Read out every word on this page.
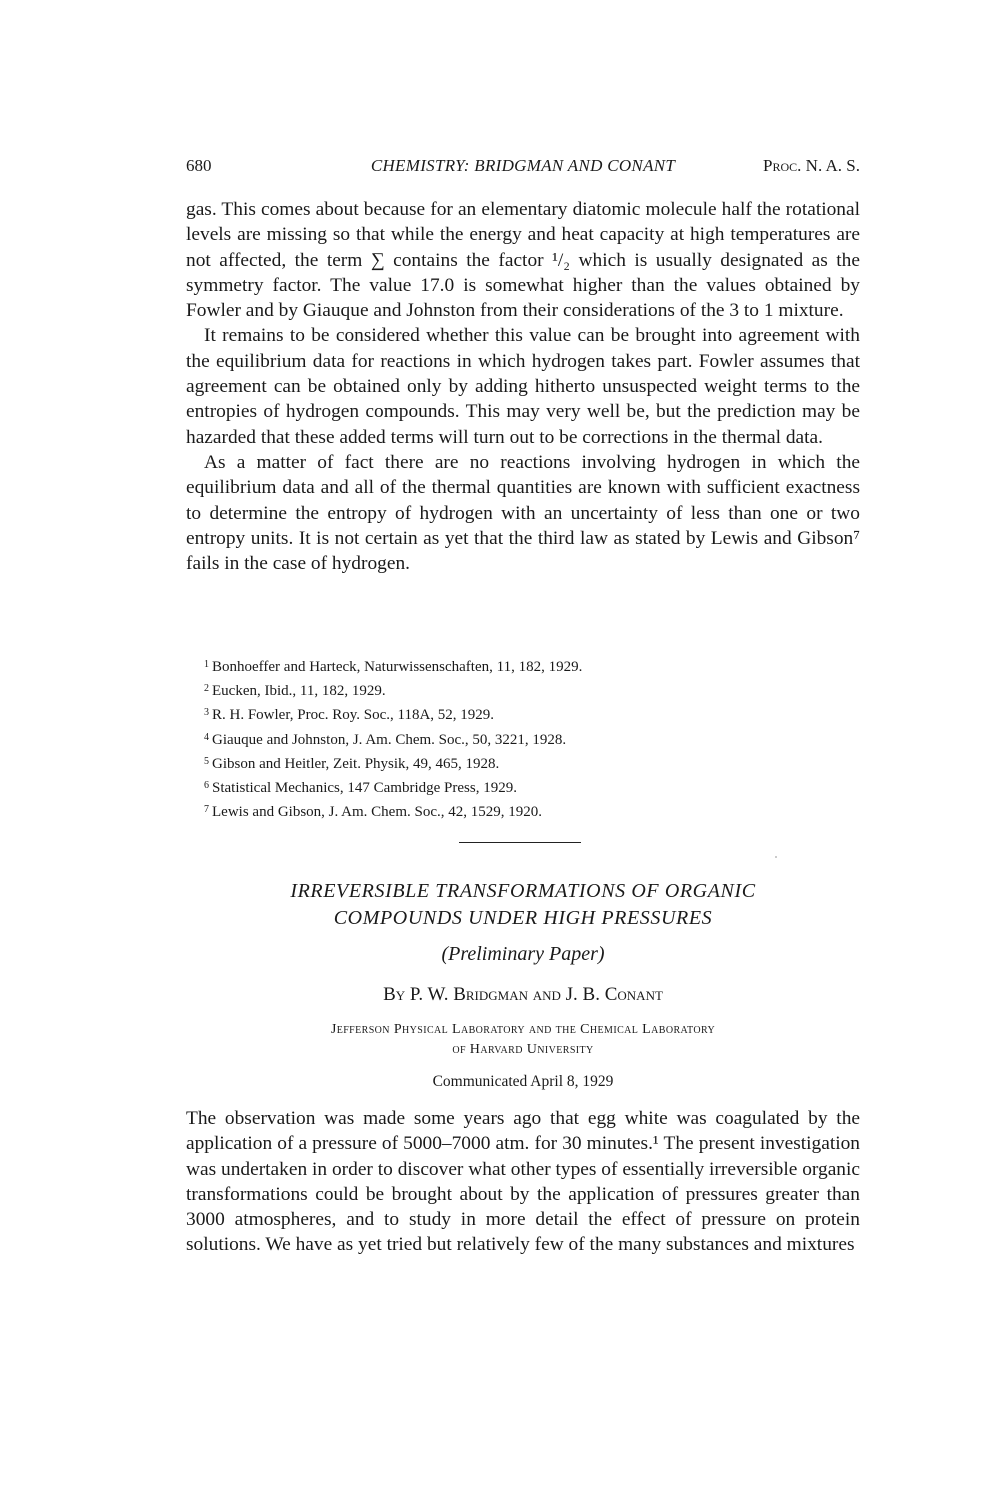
680	CHEMISTRY: BRIDGMAN AND CONANT	Proc. N. A. S.

gas. This comes about because for an elementary diatomic molecule half the rotational levels are missing so that while the energy and heat capacity at high temperatures are not affected, the term ∑ contains the factor ¹/₂ which is usually designated as the symmetry factor. The value 17.0 is somewhat higher than the values obtained by Fowler and by Giauque and Johnston from their considerations of the 3 to 1 mixture.

It remains to be considered whether this value can be brought into agreement with the equilibrium data for reactions in which hydrogen takes part. Fowler assumes that agreement can be obtained only by adding hitherto unsuspected weight terms to the entropies of hydrogen compounds. This may very well be, but the prediction may be hazarded that these added terms will turn out to be corrections in the thermal data.

As a matter of fact there are no reactions involving hydrogen in which the equilibrium data and all of the thermal quantities are known with sufficient exactness to determine the entropy of hydrogen with an uncertainty of less than one or two entropy units. It is not certain as yet that the third law as stated by Lewis and Gibson⁷ fails in the case of hydrogen.

$^1$ Bonhoeffer and Harteck, Naturwissenschaften, 11, 182, 1929.
$^2$ Eucken, Ibid., 11, 182, 1929.
$^3$ R. H. Fowler, Proc. Roy. Soc., 118A, 52, 1929.
$^4$ Giauque and Johnston, J. Am. Chem. Soc., 50, 3221, 1928.
$^5$ Gibson and Heitler, Zeit. Physik, 49, 465, 1928.
$^6$ Statistical Mechanics, 147 Cambridge Press, 1929.
$^7$ Lewis and Gibson, J. Am. Chem. Soc., 42, 1529, 1920.
IRREVERSIBLE TRANSFORMATIONS OF ORGANIC
COMPOUNDS UNDER HIGH PRESSURES
(Preliminary Paper)
By P. W. Bridgman and J. B. Conant
Jefferson Physical Laboratory and the Chemical Laboratory
of Harvard University
Communicated April 8, 1929

The observation was made some years ago that egg white was coagulated by the application of a pressure of 5000–7000 atm. for 30 minutes.¹ The present investigation was undertaken in order to discover what other types of essentially irreversible organic transformations could be brought about by the application of pressures greater than 3000 atmospheres, and to study in more detail the effect of pressure on protein solutions. We have as yet tried but relatively few of the many substances and mixtures
